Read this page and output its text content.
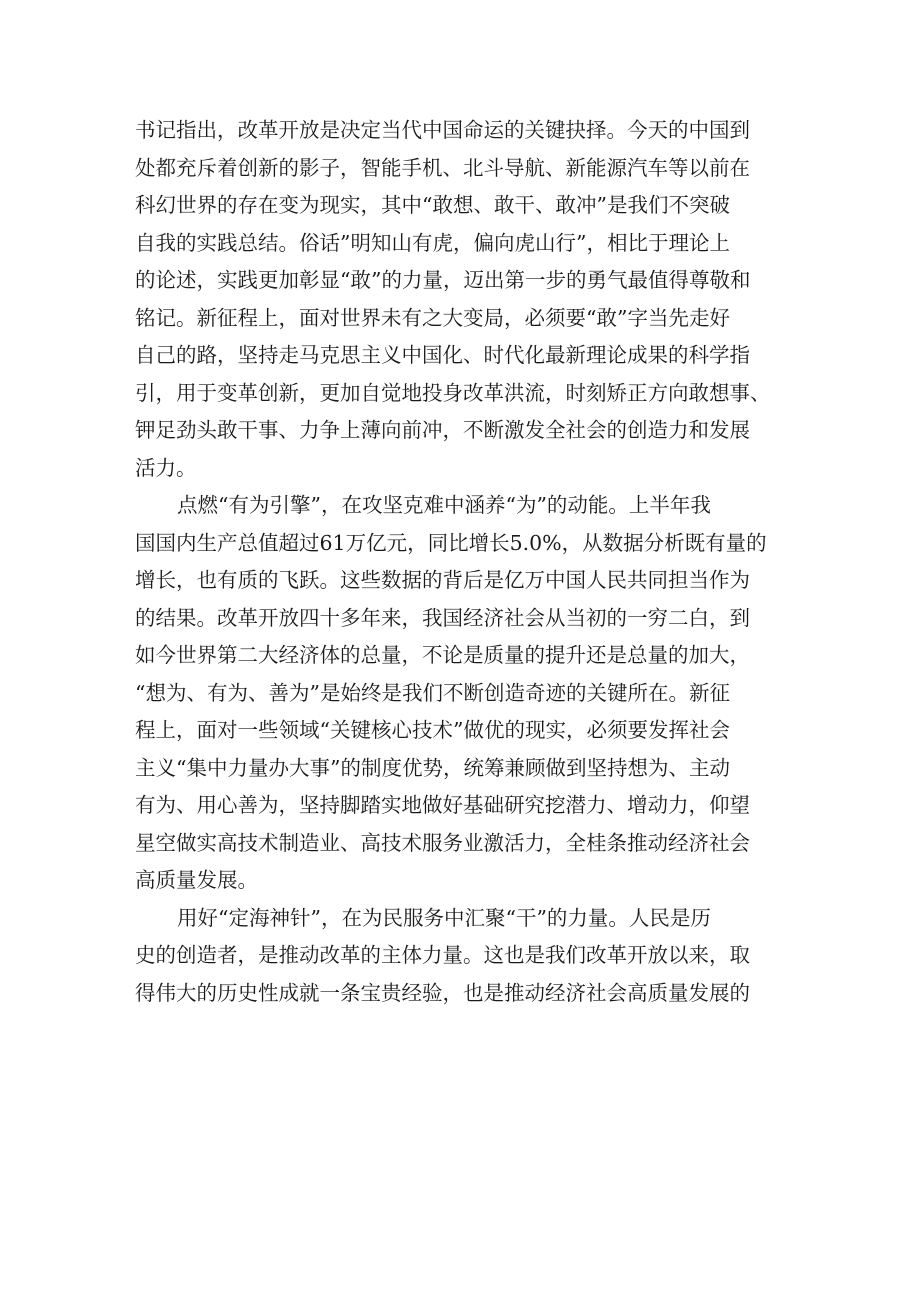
书记指出，改革开放是决定当代中国命运的关键抉择。今天的中国到
处都充斥着创新的影子，智能手机、北斗导航、新能源汽车等以前在
科幻世界的存在变为现实，其中“敢想、敢干、敢冲”是我们不突破
自我的实践总结。俗话”明知山有虎，偏向虎山行”，相比于理论上
的论述，实践更加彰显“敢”的力量，迈出第一步的勇气最值得尊敬和
铭记。新征程上，面对世界未有之大变局，必须要“敢”字当先走好
自己的路，坚持走马克思主义中国化、时代化最新理论成果的科学指
引，用于变革创新，更加自觉地投身改革洪流，时刻矫正方向敢想事、
钾足劲头敢干事、力争上薄向前冲，不断激发全社会的创造力和发展
活力。
点燃“有为引擎”，在攻坚克难中涵养“为”的动能。上半年我
国国内生产总值超过61万亿元，同比增长5.0%，从数据分析既有量的
增长，也有质的飞跃。这些数据的背后是亿万中国人民共同担当作为
的结果。改革开放四十多年来，我国经济社会从当初的一穷二白，到
如今世界第二大经济体的总量，不论是质量的提升还是总量的加大，
“想为、有为、善为”是始终是我们不断创造奇迹的关键所在。新征
程上，面对一些领域“关键核心技术”做优的现实，必须要发挥社会
主义“集中力量办大事”的制度优势，统筹兼顾做到坚持想为、主动
有为、用心善为，坚持脚踏实地做好基础研究挖潜力、增动力，仰望
星空做实高技术制造业、高技术服务业激活力，全桂条推动经济社会
高质量发展。
用好“定海神针”，在为民服务中汇聚“干”的力量。人民是历
史的创造者，是推动改革的主体力量。这也是我们改革开放以来，取
得伟大的历史性成就一条宝贵经验，也是推动经济社会高质量发展的
